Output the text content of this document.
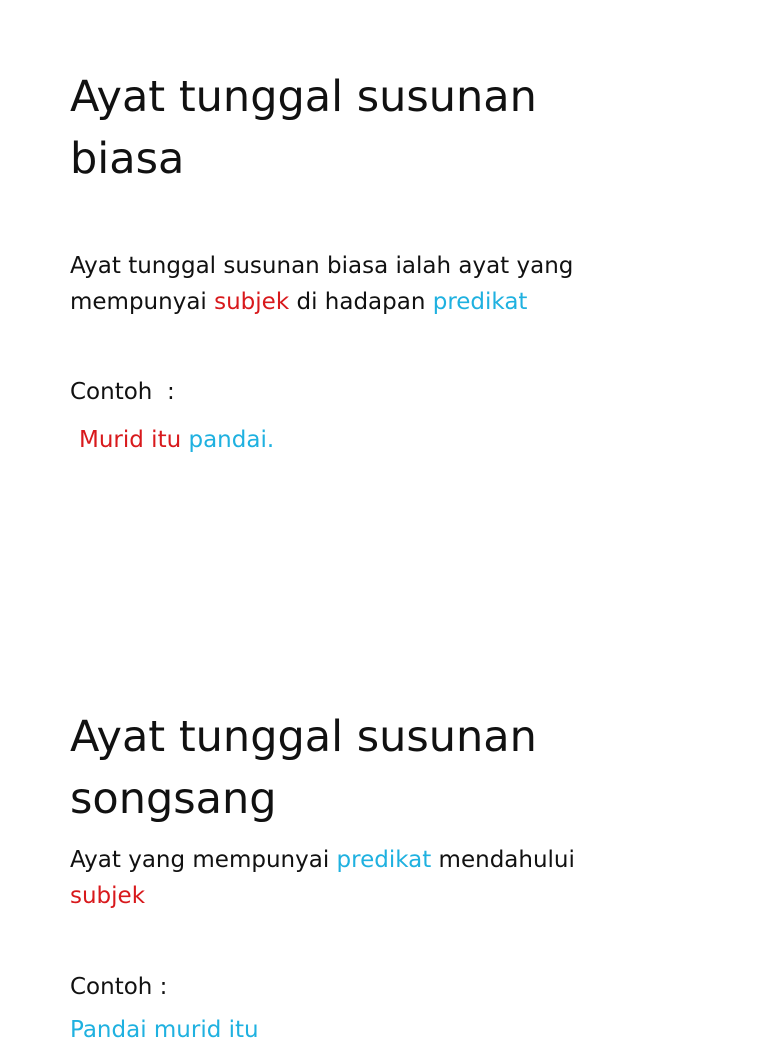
Ayat tunggal susunan
biasa

Ayat tunggal susunan biasa ialah ayat yang
mempunyai subjek di hadapan predikat

Contoh  :

Murid itu pandai.

Ayat tunggal susunan
songsang

Ayat yang mempunyai predikat mendahului
subjek

Contoh :

Pandai murid itu
